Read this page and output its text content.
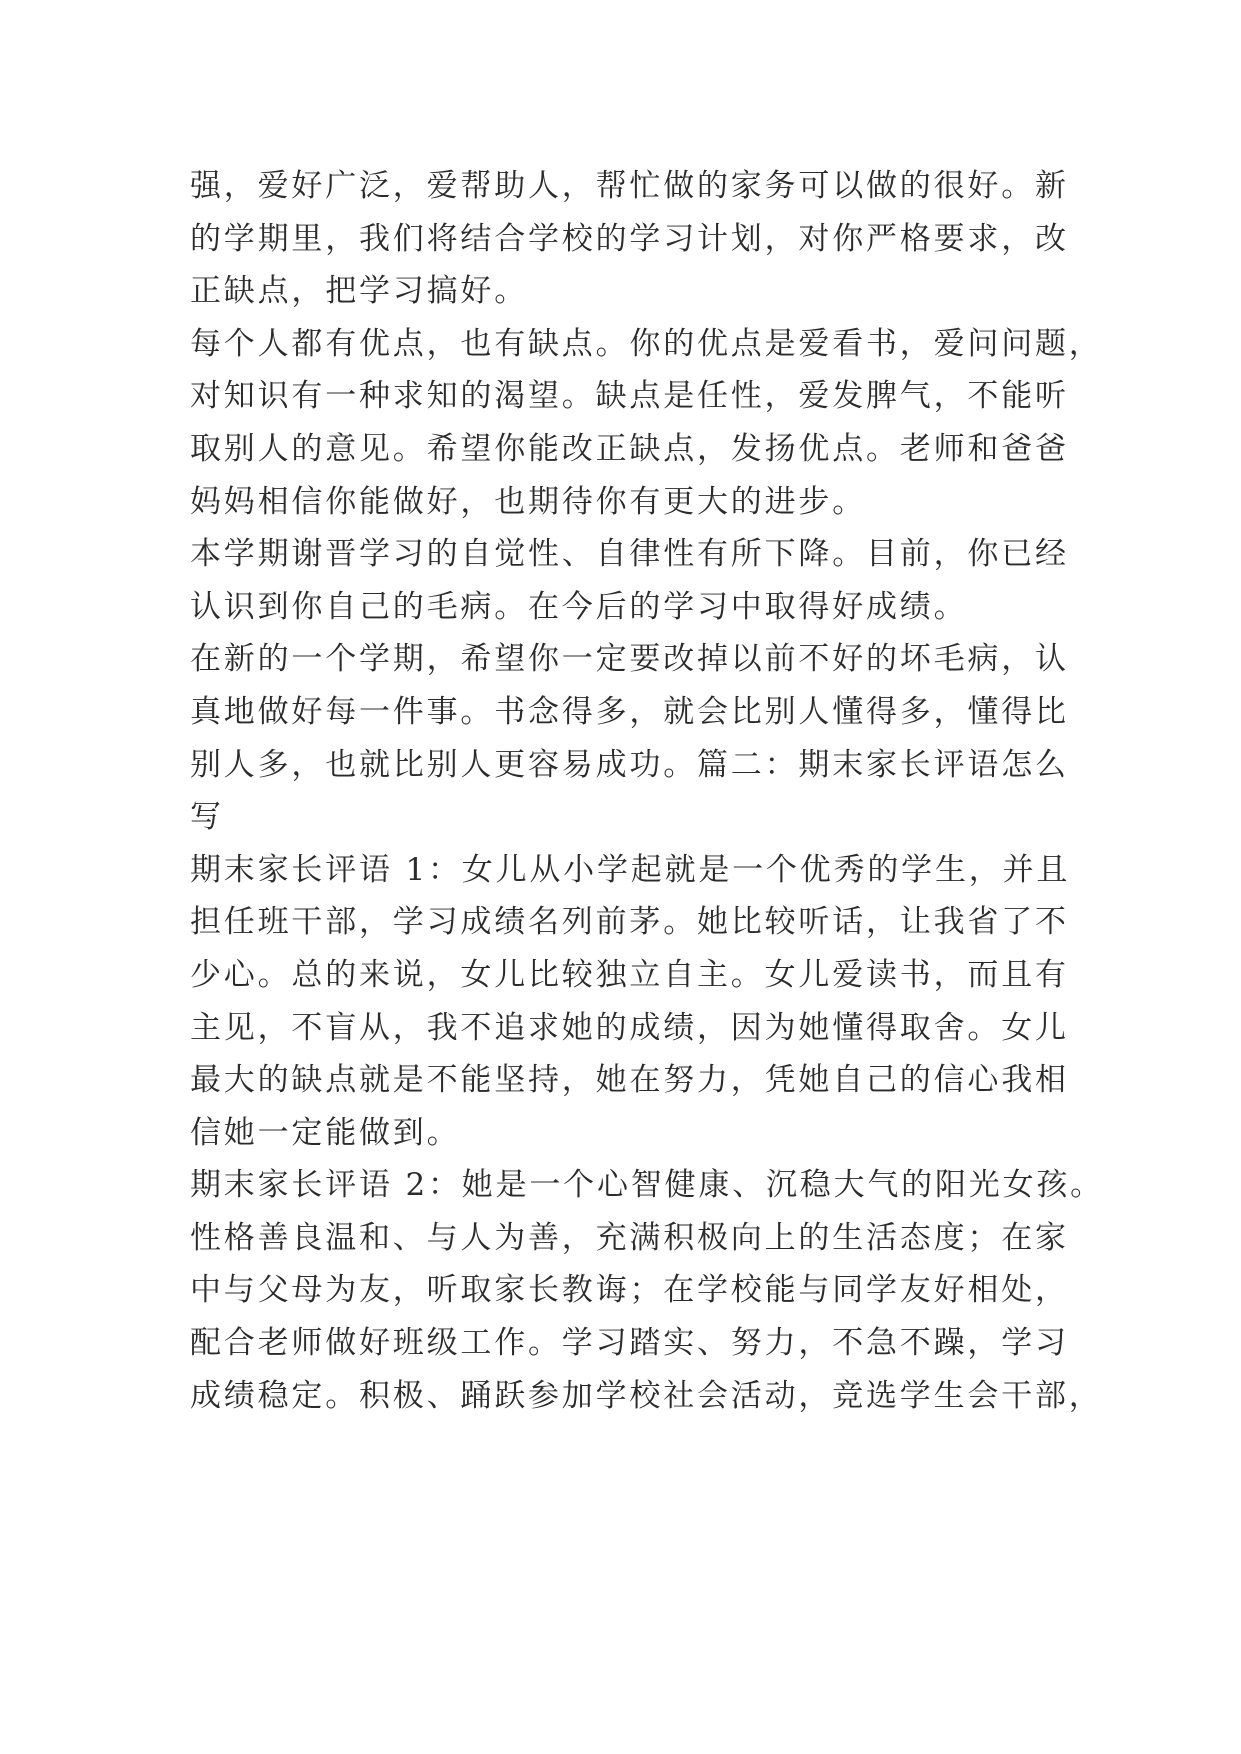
强，爱好广泛，爱帮助人，帮忙做的家务可以做的很好。新
的学期里，我们将结合学校的学习计划，对你严格要求，改
正缺点，把学习搞好。
每个人都有优点，也有缺点。你的优点是爱看书，爱问问题，
对知识有一种求知的渴望。缺点是任性，爱发脾气，不能听
取别人的意见。希望你能改正缺点，发扬优点。老师和爸爸
妈妈相信你能做好，也期待你有更大的进步。
本学期谢晋学习的自觉性、自律性有所下降。目前，你已经
认识到你自己的毛病。在今后的学习中取得好成绩。
在新的一个学期，希望你一定要改掉以前不好的坏毛病，认
真地做好每一件事。书念得多，就会比别人懂得多，懂得比
别人多，也就比别人更容易成功。篇二：期末家长评语怎么
写
期末家长评语 1：女儿从小学起就是一个优秀的学生，并且
担任班干部，学习成绩名列前茅。她比较听话，让我省了不
少心。总的来说，女儿比较独立自主。女儿爱读书，而且有
主见，不盲从，我不追求她的成绩，因为她懂得取舍。女儿
最大的缺点就是不能坚持，她在努力，凭她自己的信心我相
信她一定能做到。
期末家长评语 2：她是一个心智健康、沉稳大气的阳光女孩。
性格善良温和、与人为善，充满积极向上的生活态度；在家
中与父母为友，听取家长教诲；在学校能与同学友好相处，
配合老师做好班级工作。学习踏实、努力，不急不躁，学习
成绩稳定。积极、踊跃参加学校社会活动，竞选学生会干部，
